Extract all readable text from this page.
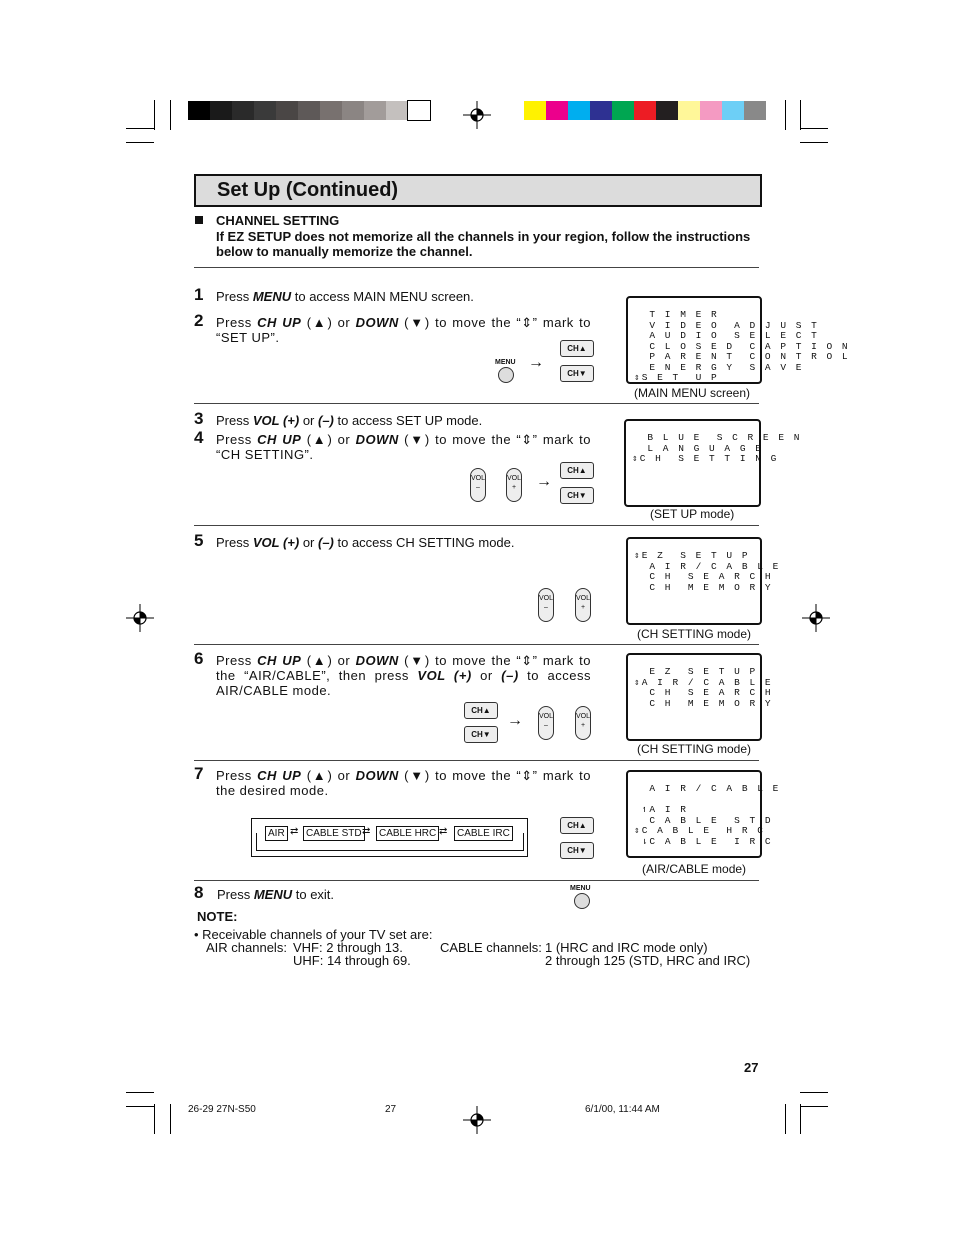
Set Up (Continued)
CHANNEL SETTING
If EZ SETUP does not memorize all the channels in your region, follow the instructions below to manually memorize the channel.
1 Press MENU to access MAIN MENU screen.
2 Press CH UP (▲) or DOWN (▼) to move the “⇕” mark to “SET UP”.
MENU →
CH▲
CH▼
T I M E R
V I D E O  A D J U S T
A U D I O  S E L E C T
C L O S E D  C A P T I O N
P A R E N T  C O N T R O L
E N E R G Y  S A V E
⇕S E T  U P
(MAIN MENU screen)
3 Press VOL (+) or (–) to access SET UP mode.
4 Press CH UP (▲) or DOWN (▼) to move the “⇕” mark to “CH SETTING”.
VOL
–
VOL
+	→
CH▲
CH▼
B L U E  S C R E E N
L A N G U A G E
⇕C H  S E T T I N G
(SET UP mode)
5 Press VOL (+) or (–) to access CH SETTING mode.
VOL
–
VOL
+
⇕E Z  S E T U P
A I R / C A B L E
C H  S E A R C H
C H  M E M O R Y
(CH SETTING mode)
6 Press CH UP (▲) or DOWN (▼) to move the “⇕” mark to the “AIR/CABLE”, then press VOL (+) or (–) to access AIR/CABLE mode.
CH▲
CH▼
→ VOL
–
VOL
+
E Z  S E T U P
⇕A I R / C A B L E
C H  S E A R C H
C H  M E M O R Y
(CH SETTING mode)
7 Press CH UP (▲) or DOWN (▼) to move the “⇕” mark to the desired mode.
AIR ⇄ CABLE STD ⇄ CABLE HRC ⇄ CABLE IRC
CH▲
CH▼
A I R / C A B L E

↿A I R
C A B L E  S T D
⇕C A B L E  H R C
⇂C A B L E  I R C
(AIR/CABLE mode)
8 Press MENU to exit.	MENU
NOTE:
• Receivable channels of your TV set are:
AIR channels: VHF: 2 through 13.
UHF: 14 through 69.
CABLE channels: 1 (HRC and IRC mode only)
2 through 125 (STD, HRC and IRC)
27
26-29 27N-S50	27	6/1/00, 11:44 AM
